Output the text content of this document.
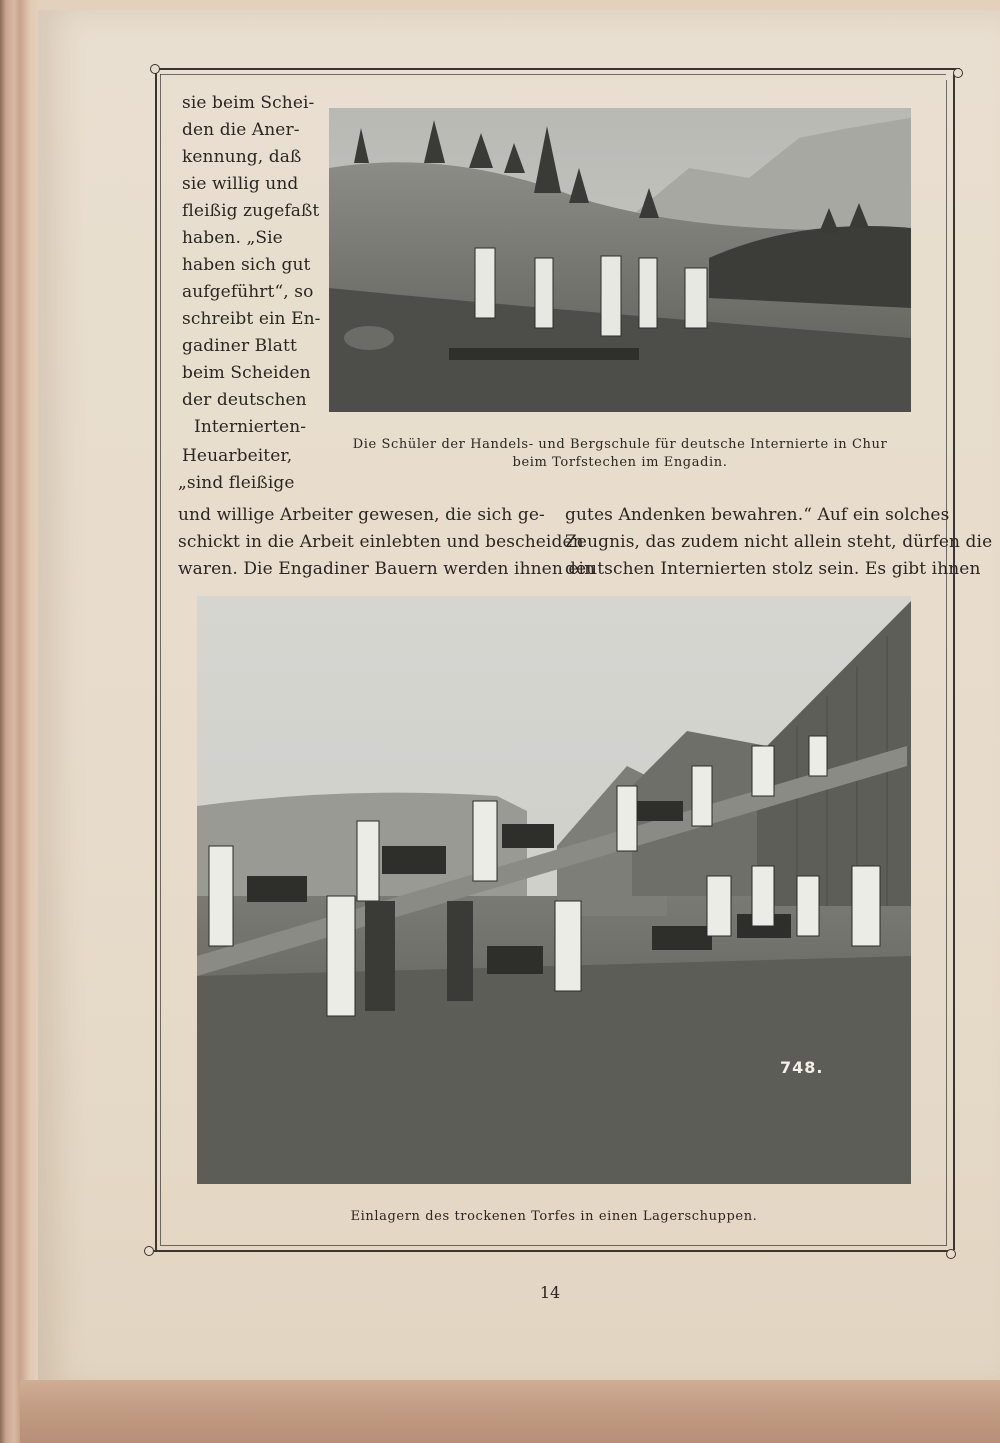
sie beim Schei-
den die Aner-
kennung, daß
sie willig und
fleißig zugefaßt
haben. „Sie
haben sich gut
aufgeführt“, so
schreibt ein En-
gadiner Blatt
beim Scheiden
der deutschen
Internierten-
Heuarbeiter,
„sind fleißige
Die Schüler der Handels- und Bergschule für deutsche Internierte in Chur
beim Torfstechen im Engadin.
und willige Arbeiter gewesen, die sich ge-
schickt in die Arbeit einlebten und bescheiden
waren. Die Engadiner Bauern werden ihnen ein
gutes Andenken bewahren.“ Auf ein solches
Zeugnis, das zudem nicht allein steht, dürfen die
deutschen Internierten stolz sein. Es gibt ihnen
748.
Einlagern des trockenen Torfes in einen Lagerschuppen.
14
